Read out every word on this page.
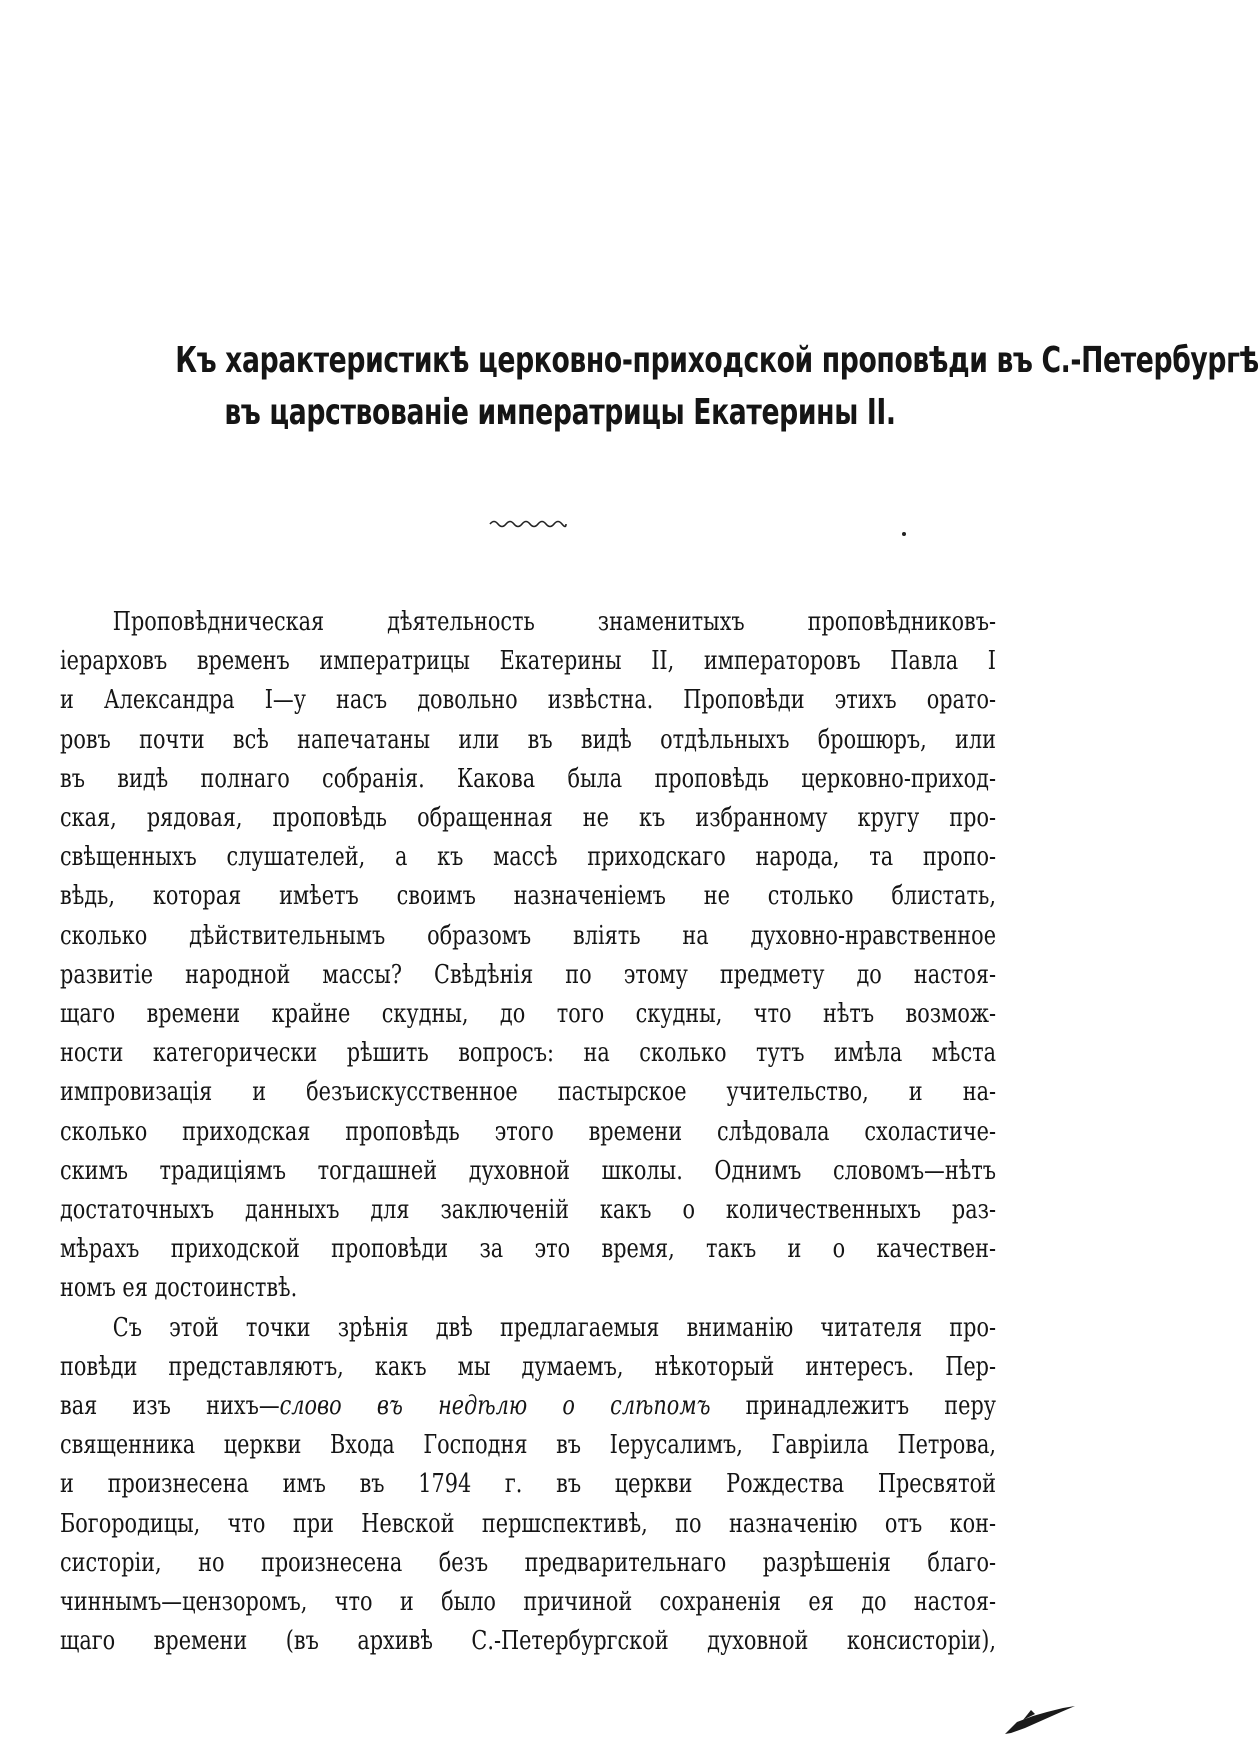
Къ характеристикѣ церковно-приходской проповѣди въ С.-Петербургѣ
въ царствованіе императрицы Екатерины II.

Проповѣдническая дѣятельность знаменитыхъ проповѣдниковъ-
іерарховъ временъ императрицы Екатерины II, императоровъ Павла I
и Александра I—у насъ довольно извѣстна. Проповѣди этихъ орато-
ровъ почти всѣ напечатаны или въ видѣ отдѣльныхъ брошюръ, или
въ видѣ полнаго собранія. Какова была проповѣдь церковно-приход-
ская, рядовая, проповѣдь обращенная не къ избранному кругу про-
свѣщенныхъ слушателей, а къ массѣ приходскаго народа, та пропо-
вѣдь, которая имѣетъ своимъ назначеніемъ не столько блистать,
сколько дѣйствительнымъ образомъ вліять на духовно-нравственное
развитіе народной массы? Свѣдѣнія по этому предмету до настоя-
щаго времени крайне скудны, до того скудны, что нѣтъ возмож-
ности категорически рѣшить вопросъ: на сколько тутъ имѣла мѣста
импровизація и безъискусственное пастырское учительство, и на-
сколько приходская проповѣдь этого времени слѣдовала схоластиче-
скимъ традиціямъ тогдашней духовной школы. Однимъ словомъ—нѣтъ
достаточныхъ данныхъ для заключеній какъ о количественныхъ раз-
мѣрахъ приходской проповѣди за это время, такъ и о качествен-
номъ ея достоинствѣ.

Съ этой точки зрѣнія двѣ предлагаемыя вниманію читателя про-
повѣди представляютъ, какъ мы думаемъ, нѣкоторый интересъ. Пер-
вая изъ нихъ—слово въ недѣлю о слѣпомъ принадлежитъ перу
священника церкви Входа Господня въ Іерусалимъ, Гавріила Петрова,
и произнесена имъ въ 1794 г. въ церкви Рождества Пресвятой
Богородицы, что при Невской першспективѣ, по назначенію отъ кон-
систоріи, но произнесена безъ предварительнаго разрѣшенія благо-
чиннымъ—цензоромъ, что и было причиной сохраненія ея до настоя-
щаго времени (въ архивѣ С.-Петербургской духовной консисторіи),
